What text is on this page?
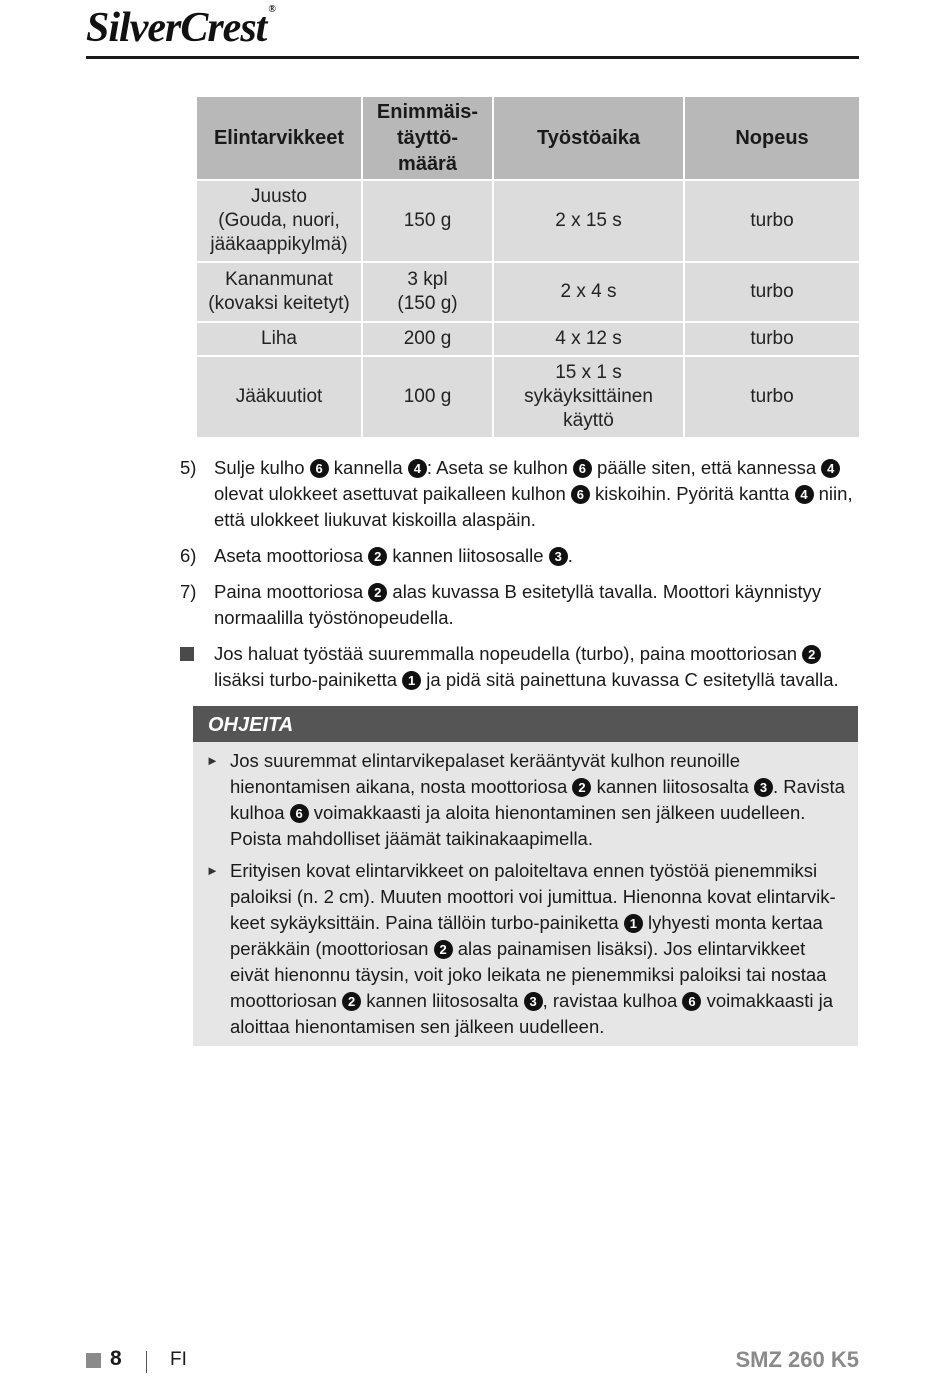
SilverCrest ®
Elintarvikkeet	Enimmäis-
täyttö-
määrä	Työstöaika	Nopeus

Juusto
(Gouda, nuori,
jääkaappikylmä)	150 g	2 x 15 s	turbo

Kananmunat
(kovaksi keitetyt)	3 kpl
(150 g)	2 x 4 s	turbo

Liha	200 g	4 x 12 s	turbo

Jääkuutiot	100 g	15 x 1 s
sykäyksittäinen
käyttö	turbo
5) Sulje kulho 6 kannella 4 : Aseta se kulhon 6 päälle siten, että kannessa 4 olevat ulokkeet asettuvat paikalleen kulhon 6 kiskoihin. Pyöritä kantta 4 niin, että ulokkeet liukuvat kiskoilla alaspäin.
6) Aseta moottoriosa 2 kannen liitososalle 3 .
7) Paina moottoriosa 2 alas kuvassa B esitetyllä tavalla. Moottori käynnistyy normaalilla työstönopeudella.
Jos haluat työstää suuremmalla nopeudella (turbo), paina moottoriosan 2 lisäksi turbo-painiketta 1 ja pidä sitä painettuna kuvassa C esitetyllä tavalla.
OHJEITA
► Jos suuremmat elintarvikepalaset kerääntyvät kulhon reunoille hienontamisen aikana, nosta moottoriosa 2 kannen liitososalta 3 . Ravista kulhoa 6 voimakkaasti ja aloita hienontaminen sen jälkeen uudelleen.
Poista mahdolliset jäämät taikinakaapimella.
► Erityisen kovat elintarvikkeet on paloiteltava ennen työstöä pienemmiksi paloiksi (n. 2 cm). Muuten moottori voi jumittua. Hienonna kovat elintarvikkeet sykäyksittäin. Paina tällöin turbo-painiketta 1 lyhyesti monta kertaa peräkkäin (moottoriosan 2 alas painamisen lisäksi). Jos elintarvikkeet eivät hienonnu täysin, voit joko leikata ne pienemmiksi paloiksi tai nostaa moottoriosan 2 kannen liitososalta 3 , ravistaa kulhoa 6 voimakkaasti ja aloittaa hienontamisen sen jälkeen uudelleen.
8	FI	SMZ 260 K5
